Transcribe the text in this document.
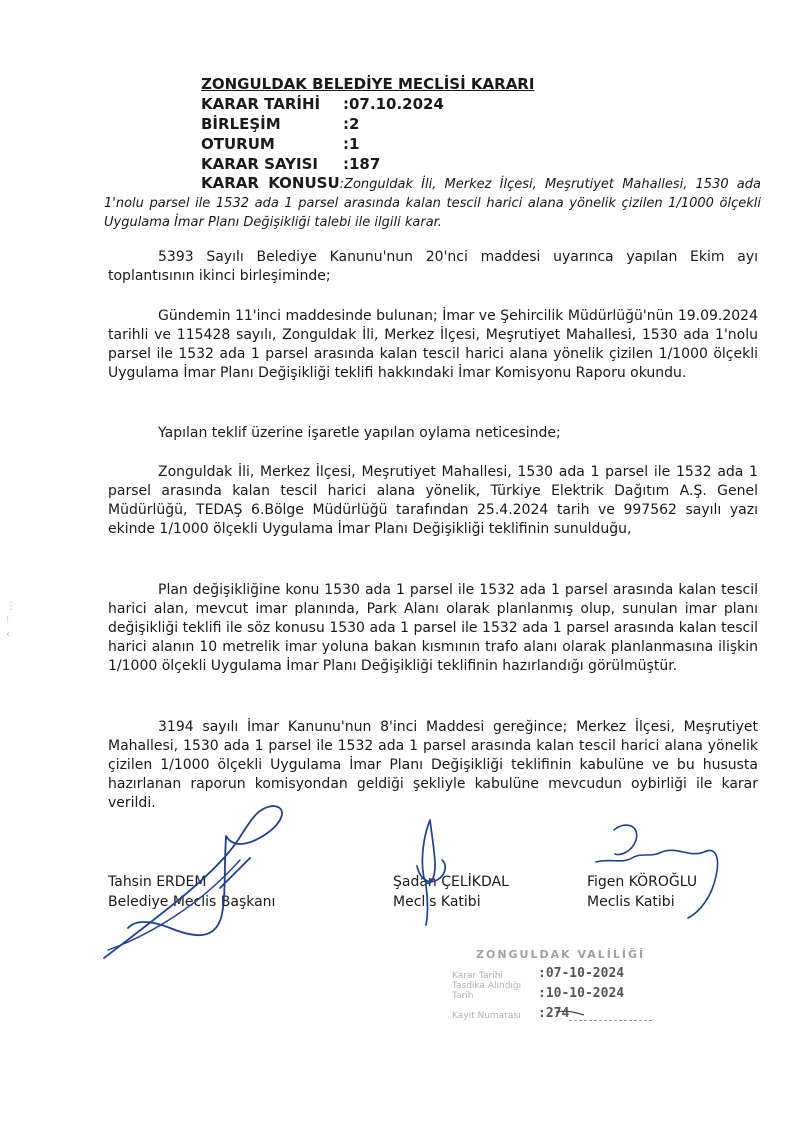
ZONGULDAK BELEDİYE MECLİSİ KARARI
KARAR TARİHİ	:07.10.2024
BİRLEŞİM	:2
OTURUM	:1
KARAR SAYISI	:187
KARAR KONUSU:Zonguldak İli, Merkez İlçesi, Meşrutiyet Mahallesi, 1530 ada 1'nolu parsel ile 1532 ada 1 parsel arasında kalan tescil harici alana yönelik çizilen 1/1000 ölçekli Uygulama İmar Planı Değişikliği talebi ile ilgili karar.
5393 Sayılı Belediye Kanunu'nun 20'nci maddesi uyarınca yapılan Ekim ayı toplantısının ikinci birleşiminde;
Gündemin 11'inci maddesinde bulunan; İmar ve Şehircilik Müdürlüğü'nün 19.09.2024 tarihli ve 115428 sayılı, Zonguldak İli, Merkez İlçesi, Meşrutiyet Mahallesi, 1530 ada 1'nolu parsel ile 1532 ada 1 parsel arasında kalan tescil harici alana yönelik çizilen 1/1000 ölçekli Uygulama İmar Planı Değişikliği teklifi hakkındaki İmar Komisyonu Raporu okundu.
Yapılan teklif üzerine işaretle yapılan oylama neticesinde;
Zonguldak İli, Merkez İlçesi, Meşrutiyet Mahallesi, 1530 ada 1 parsel ile 1532 ada 1 parsel arasında kalan tescil harici alana yönelik, Türkiye Elektrik Dağıtım A.Ş. Genel Müdürlüğü, TEDAŞ 6.Bölge Müdürlüğü tarafından 25.4.2024 tarih ve 997562 sayılı yazı ekinde 1/1000 ölçekli Uygulama İmar Planı Değişikliği teklifinin sunulduğu,
Plan değişikliğine konu 1530 ada 1 parsel ile 1532 ada 1 parsel arasında kalan tescil harici alan, mevcut imar planında, Park Alanı olarak planlanmış olup, sunulan imar planı değişikliği teklifi ile söz konusu 1530 ada 1 parsel ile 1532 ada 1 parsel arasında kalan tescil harici alanın 10 metrelik imar yoluna bakan kısmının trafo alanı olarak planlanmasına ilişkin 1/1000 ölçekli Uygulama İmar Planı Değişikliği teklifinin hazırlandığı görülmüştür.
3194 sayılı İmar Kanunu'nun 8'inci Maddesi gereğince; Merkez İlçesi, Meşrutiyet Mahallesi, 1530 ada 1 parsel ile 1532 ada 1 parsel arasında kalan tescil harici alana yönelik çizilen 1/1000 ölçekli Uygulama İmar Planı Değişikliği teklifinin kabulüne ve bu hususta hazırlanan raporun komisyondan geldiği şekliyle kabulüne mevcudun oybirliği ile karar verildi.
Tahsin ERDEM
Belediye Meclis Başkanı
Şadan ÇELİKDAL
Meclis Katibi
Figen KÖROĞLU
Meclis Katibi
ZONGULDAK VALİLİĞİ
Karar Tarihi	:07-10-2024
Tasdika Alındığı Tarih	:10-10-2024
Kayıt Numarası	:274
⋮
⁝
‹
